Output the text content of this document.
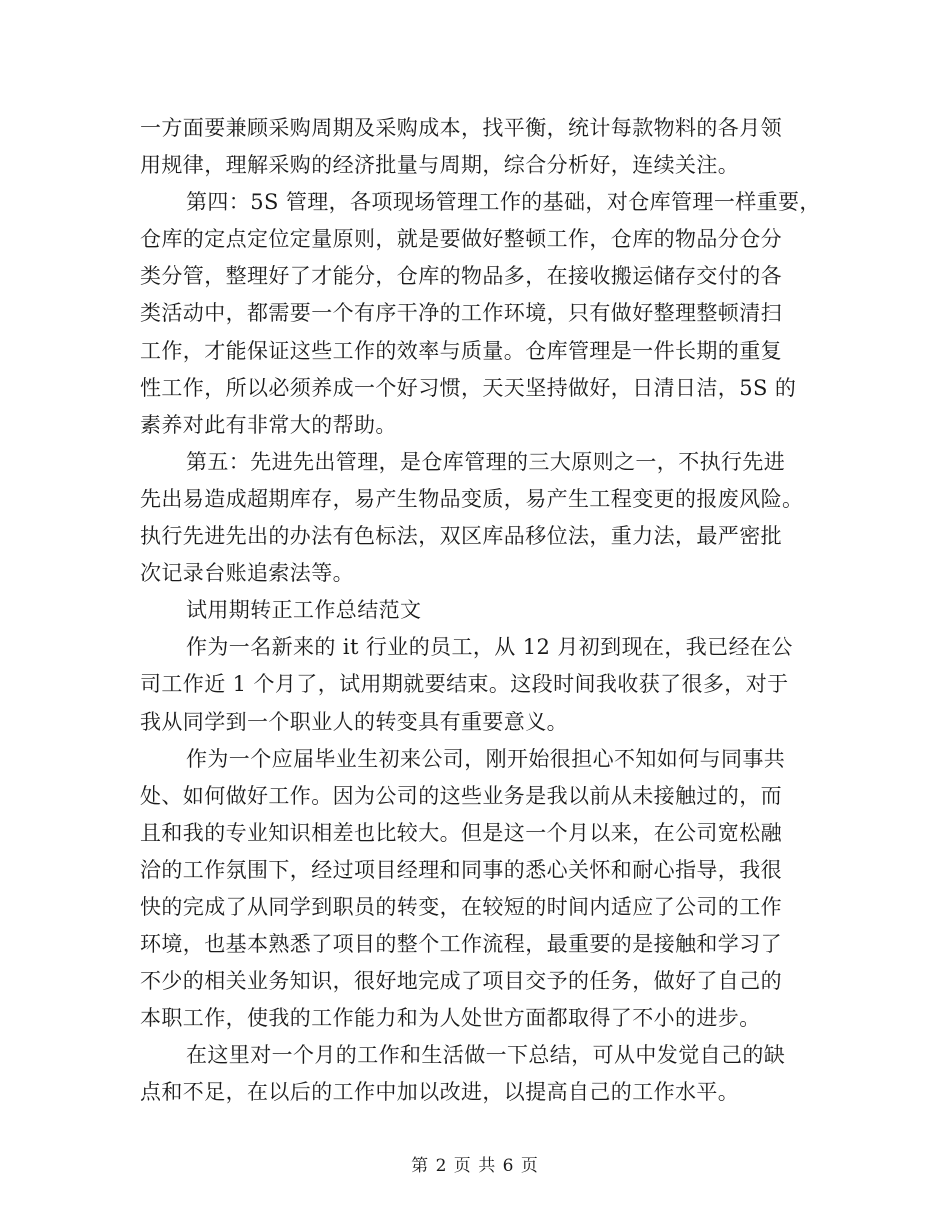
一方面要兼顾采购周期及采购成本，找平衡，统计每款物料的各月领
用规律，理解采购的经济批量与周期，综合分析好，连续关注。
第四：5S 管理，各项现场管理工作的基础，对仓库管理一样重要，
仓库的定点定位定量原则，就是要做好整顿工作，仓库的物品分仓分
类分管，整理好了才能分，仓库的物品多，在接收搬运储存交付的各
类活动中，都需要一个有序干净的工作环境，只有做好整理整顿清扫
工作，才能保证这些工作的效率与质量。仓库管理是一件长期的重复
性工作，所以必须养成一个好习惯，天天坚持做好，日清日洁，5S 的
素养对此有非常大的帮助。
第五：先进先出管理，是仓库管理的三大原则之一，不执行先进
先出易造成超期库存，易产生物品变质，易产生工程变更的报废风险。
执行先进先出的办法有色标法，双区库品移位法，重力法，最严密批
次记录台账追索法等。
试用期转正工作总结范文
作为一名新来的 it 行业的员工，从 12 月初到现在，我已经在公
司工作近 1 个月了，试用期就要结束。这段时间我收获了很多，对于
我从同学到一个职业人的转变具有重要意义。
作为一个应届毕业生初来公司，刚开始很担心不知如何与同事共
处、如何做好工作。因为公司的这些业务是我以前从未接触过的，而
且和我的专业知识相差也比较大。但是这一个月以来，在公司宽松融
洽的工作氛围下，经过项目经理和同事的悉心关怀和耐心指导，我很
快的完成了从同学到职员的转变，在较短的时间内适应了公司的工作
环境，也基本熟悉了项目的整个工作流程，最重要的是接触和学习了
不少的相关业务知识，很好地完成了项目交予的任务，做好了自己的
本职工作，使我的工作能力和为人处世方面都取得了不小的进步。
在这里对一个月的工作和生活做一下总结，可从中发觉自己的缺
点和不足，在以后的工作中加以改进，以提高自己的工作水平。
第 2 页 共 6 页
